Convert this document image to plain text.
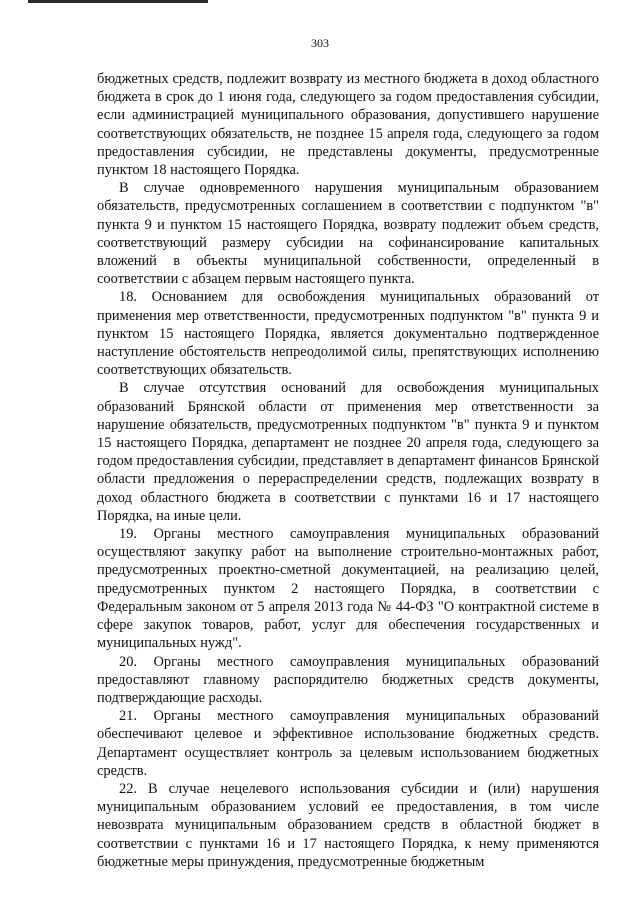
303

бюджетных средств, подлежит возврату из местного бюджета в доход областного бюджета в срок до 1 июня года, следующего за годом предоставления субсидии, если администрацией муниципального образования, допустившего нарушение соответствующих обязательств, не позднее 15 апреля года, следующего за годом предоставления субсидии, не представлены документы, предусмотренные пунктом 18 настоящего Порядка.

В случае одновременного нарушения муниципальным образованием обязательств, предусмотренных соглашением в соответствии с подпунктом "в" пункта 9 и пунктом 15 настоящего Порядка, возврату подлежит объем средств, соответствующий размеру субсидии на софинансирование капитальных вложений в объекты муниципальной собственности, определенный в соответствии с абзацем первым настоящего пункта.

18. Основанием для освобождения муниципальных образований от применения мер ответственности, предусмотренных подпунктом "в" пункта 9 и пунктом 15 настоящего Порядка, является документально подтвержденное наступление обстоятельств непреодолимой силы, препятствующих исполнению соответствующих обязательств.

В случае отсутствия оснований для освобождения муниципальных образований Брянской области от применения мер ответственности за нарушение обязательств, предусмотренных подпунктом "в" пункта 9 и пунктом 15 настоящего Порядка, департамент не позднее 20 апреля года, следующего за годом предоставления субсидии, представляет в департамент финансов Брянской области предложения о перераспределении средств, подлежащих возврату в доход областного бюджета в соответствии с пунктами 16 и 17 настоящего Порядка, на иные цели.

19. Органы местного самоуправления муниципальных образований осуществляют закупку работ на выполнение строительно-монтажных работ, предусмотренных проектно-сметной документацией, на реализацию целей, предусмотренных пунктом 2 настоящего Порядка, в соответствии с Федеральным законом от 5 апреля 2013 года № 44-ФЗ "О контрактной системе в сфере закупок товаров, работ, услуг для обеспечения государственных и муниципальных нужд".

20. Органы местного самоуправления муниципальных образований предоставляют главному распорядителю бюджетных средств документы, подтверждающие расходы.

21. Органы местного самоуправления муниципальных образований обеспечивают целевое и эффективное использование бюджетных средств. Департамент осуществляет контроль за целевым использованием бюджетных средств.

22. В случае нецелевого использования субсидии и (или) нарушения муниципальным образованием условий ее предоставления, в том числе невозврата муниципальным образованием средств в областной бюджет в соответствии с пунктами 16 и 17 настоящего Порядка, к нему применяются бюджетные меры принуждения, предусмотренные бюджетным
